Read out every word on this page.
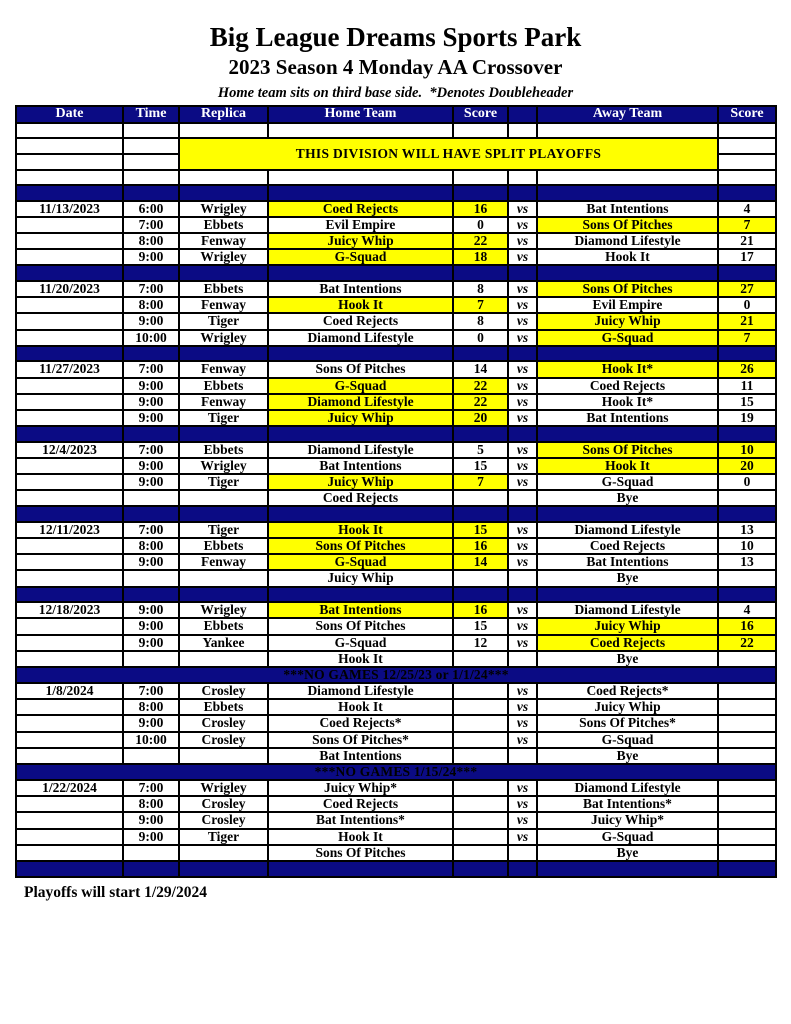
Big League Dreams Sports Park
2023 Season 4 Monday AA Crossover
Home team sits on third base side.  *Denotes Doubleheader
Date	Time	Replica	Home Team	Score		Away Team	Score

		THIS DIVISION WILL HAVE SPLIT PLAYOFFS					

11/13/2023	6:00	Wrigley	Coed Rejects	16	vs	Bat Intentions	4
	7:00	Ebbets	Evil Empire	0	vs	Sons Of Pitches	7
	8:00	Fenway	Juicy Whip	22	vs	Diamond Lifestyle	21
	9:00	Wrigley	G-Squad	18	vs	Hook It	17

11/20/2023	7:00	Ebbets	Bat Intentions	8	vs	Sons Of Pitches	27
	8:00	Fenway	Hook It	7	vs	Evil Empire	0
	9:00	Tiger	Coed Rejects	8	vs	Juicy Whip	21
	10:00	Wrigley	Diamond Lifestyle	0	vs	G-Squad	7

11/27/2023	7:00	Fenway	Sons Of Pitches	14	vs	Hook It*	26
	9:00	Ebbets	G-Squad	22	vs	Coed Rejects	11
	9:00	Fenway	Diamond Lifestyle	22	vs	Hook It*	15
	9:00	Tiger	Juicy Whip	20	vs	Bat Intentions	19

12/4/2023	7:00	Ebbets	Diamond Lifestyle	5	vs	Sons Of Pitches	10
	9:00	Wrigley	Bat Intentions	15	vs	Hook It	20
	9:00	Tiger	Juicy Whip	7	vs	G-Squad	0
			Coed Rejects			Bye	

12/11/2023	7:00	Tiger	Hook It	15	vs	Diamond Lifestyle	13
	8:00	Ebbets	Sons Of Pitches	16	vs	Coed Rejects	10
	9:00	Fenway	G-Squad	14	vs	Bat Intentions	13
			Juicy Whip			Bye	

12/18/2023	9:00	Wrigley	Bat Intentions	16	vs	Diamond Lifestyle	4
	9:00	Ebbets	Sons Of Pitches	15	vs	Juicy Whip	16
	9:00	Yankee	G-Squad	12	vs	Coed Rejects	22
			Hook It			Bye	
***NO GAMES 12/25/23 or 1/1/24***							
1/8/2024	7:00	Crosley	Diamond Lifestyle		vs	Coed Rejects*	
	8:00	Ebbets	Hook It		vs	Juicy Whip	
	9:00	Crosley	Coed Rejects*		vs	Sons Of Pitches*	
	10:00	Crosley	Sons Of Pitches*		vs	G-Squad	
			Bat Intentions			Bye	
***NO GAMES 1/15/24***							
1/22/2024	7:00	Wrigley	Juicy Whip*		vs	Diamond Lifestyle	
	8:00	Crosley	Coed Rejects		vs	Bat Intentions*	
	9:00	Crosley	Bat Intentions*		vs	Juicy Whip*	
	9:00	Tiger	Hook It		vs	G-Squad	
			Sons Of Pitches			Bye	

Playoffs will start 1/29/2024
